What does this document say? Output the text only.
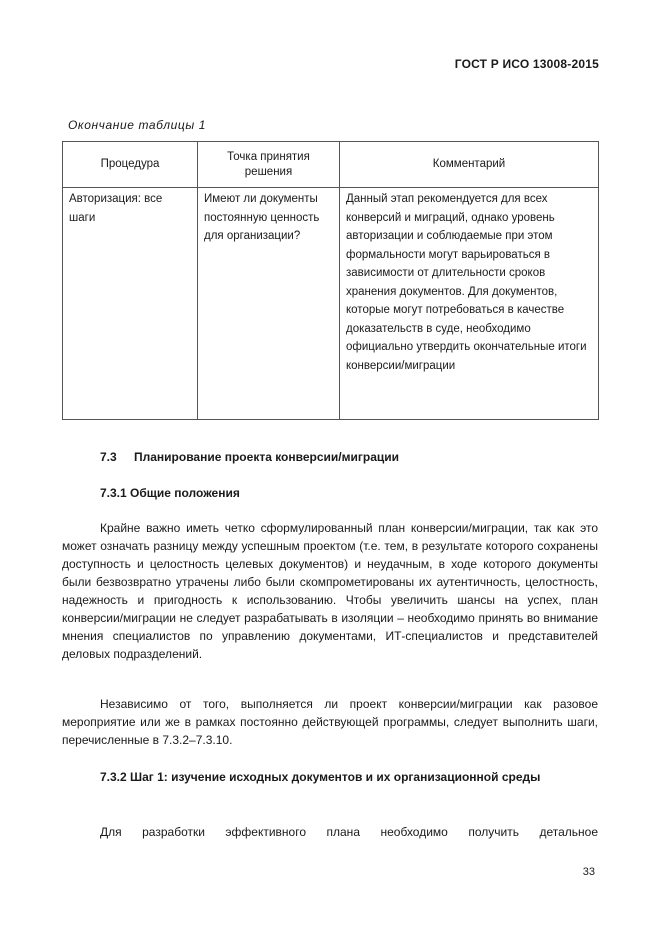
ГОСТ Р ИСО 13008-2015
Окончание таблицы 1
Процедура	Точка принятия решения	Комментарий
Авторизация: все шаги	Имеют ли документы постоянную ценность для организации?	Данный этап рекомендуется для всех конверсий и миграций, однако уровень авторизации и соблюдаемые при этом формальности могут варьироваться в зависимости от длительности сроков хранения документов. Для документов, которые могут потребоваться в качестве доказательств в суде, необходимо официально утвердить окончательные итоги конверсии/миграции
7.3 Планирование проекта конверсии/миграции
7.3.1 Общие положения

Крайне важно иметь четко сформулированный план конверсии/миграции, так как это может означать разницу между успешным проектом (т.е. тем, в результате которого сохранены доступность и целостность целевых документов) и неудачным, в ходе которого документы были безвозвратно утрачены либо были скомпрометированы их аутентичность, целостность, надежность и пригодность к использованию. Чтобы увеличить шансы на успех, план конверсии/миграции не следует разрабатывать в изоляции – необходимо принять во внимание мнения специалистов по управлению документами, ИТ-специалистов и представителей деловых подразделений.

Независимо от того, выполняется ли проект конверсии/миграции как разовое мероприятие или же в рамках постоянно действующей программы, следует выполнить шаги, перечисленные в 7.3.2–7.3.10.

7.3.2 Шаг 1: изучение исходных документов и их организационной среды

Для разработки эффективного плана необходимо получить детальное

33
